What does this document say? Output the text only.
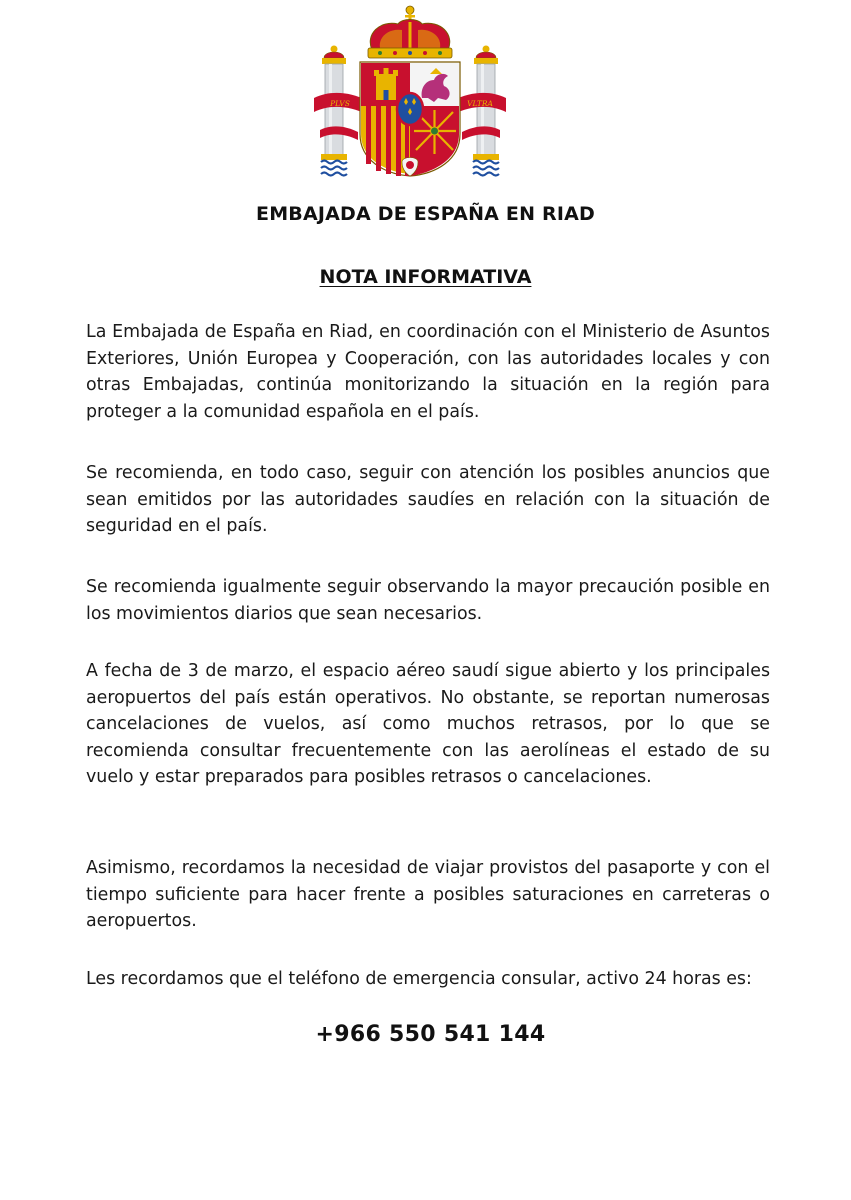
PLVS	VLTRA
EMBAJADA DE ESPAÑA EN RIAD
NOTA INFORMATIVA

La Embajada de España en Riad, en coordinación con el Ministerio de Asuntos Exteriores, Unión Europea y Cooperación, con las autoridades locales y con otras Embajadas, continúa monitorizando la situación en la región para proteger a la comunidad española en el país.

Se recomienda, en todo caso, seguir con atención los posibles anuncios que sean emitidos por las autoridades saudíes en relación con la situación de seguridad en el país.

Se recomienda igualmente seguir observando la mayor precaución posible en los movimientos diarios que sean necesarios.

A fecha de 3 de marzo, el espacio aéreo saudí sigue abierto y los principales aeropuertos del país están operativos. No obstante, se reportan numerosas cancelaciones de vuelos, así como muchos retrasos, por lo que se recomienda consultar frecuentemente con las aerolíneas el estado de su vuelo y estar preparados para posibles retrasos o cancelaciones.

Asimismo, recordamos la necesidad de viajar provistos del pasaporte y con el tiempo suficiente para hacer frente a posibles saturaciones en carreteras o aeropuertos.

Les recordamos que el teléfono de emergencia consular, activo 24 horas es:

+966 550 541 144
